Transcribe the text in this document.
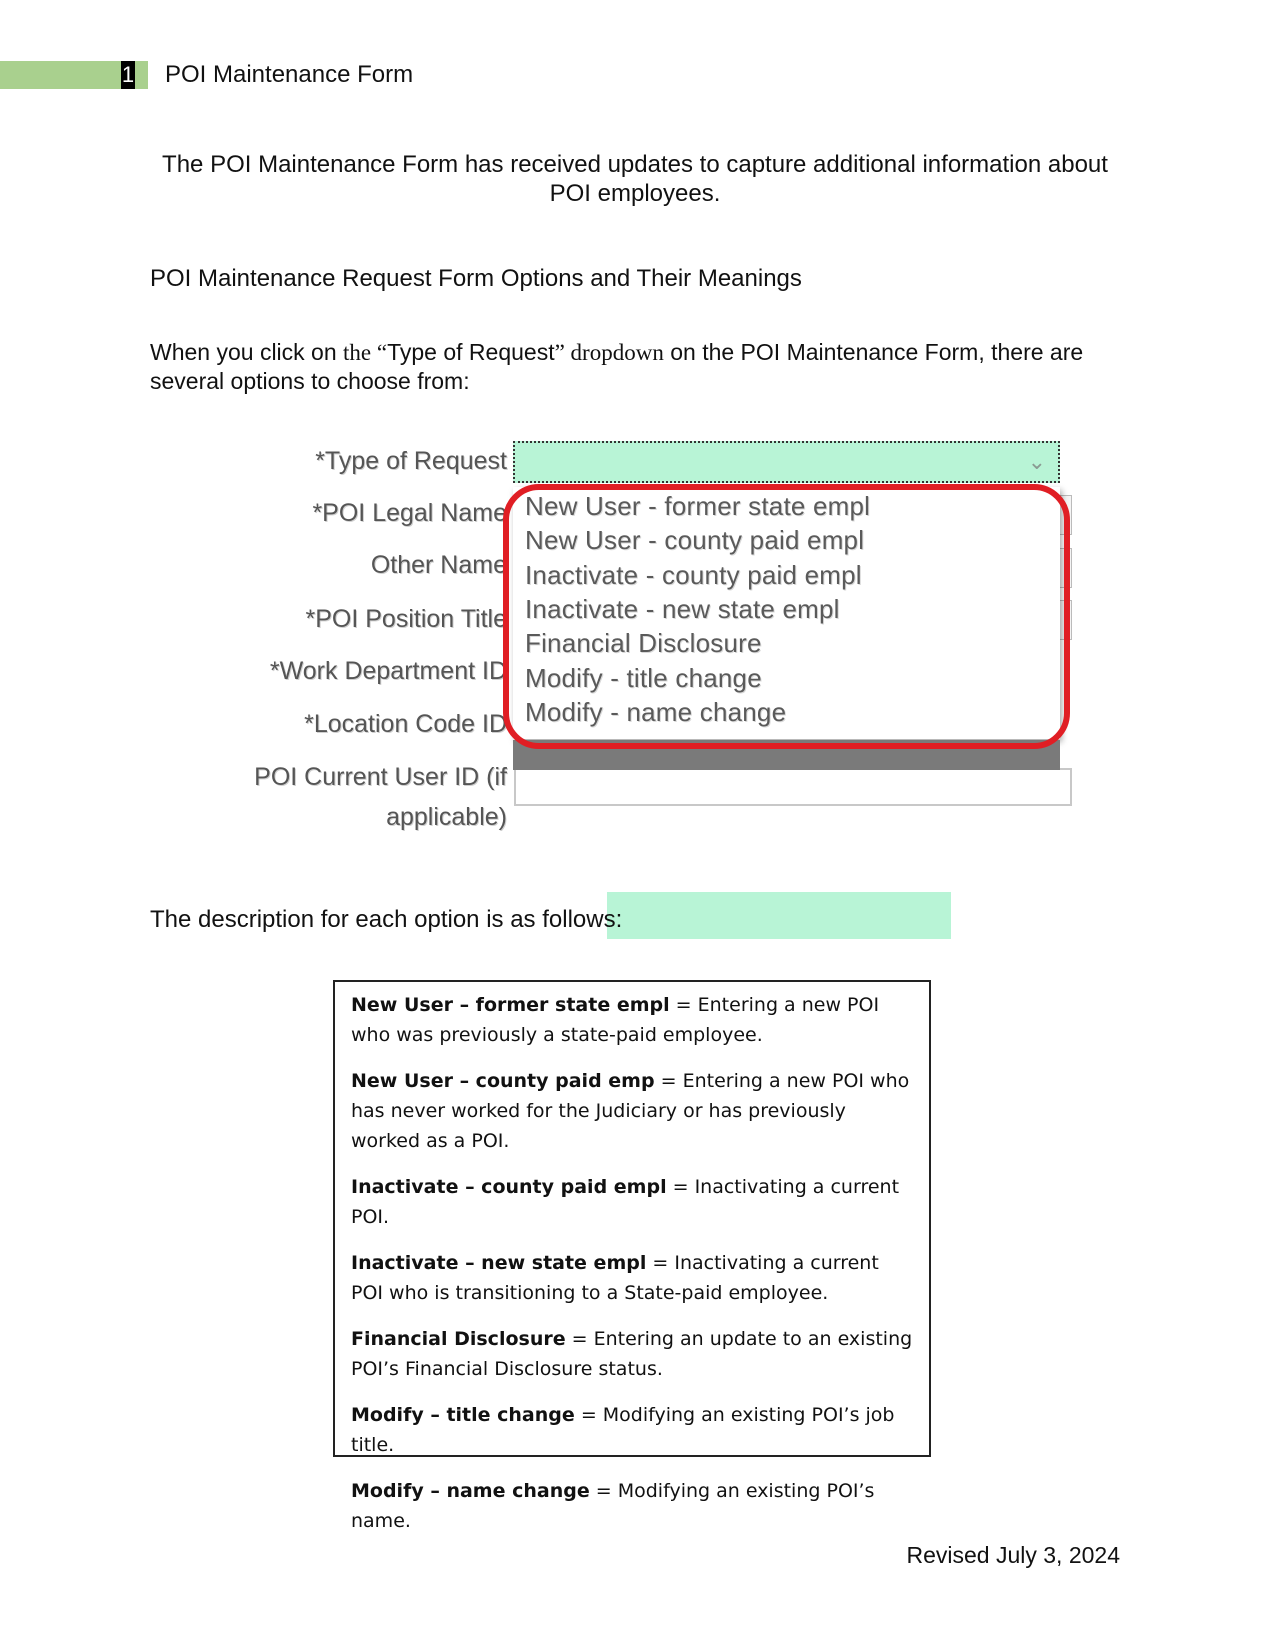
1 POI Maintenance Form
The POI Maintenance Form has received updates to capture additional information about POI employees.
POI Maintenance Request Form Options and Their Meanings
When you click on the “Type of Request” dropdown on the POI Maintenance Form, there are several options to choose from:
*Type of Request
*POI Legal Name
Other Name
*POI Position Title
*Work Department ID
*Location Code ID
POI Current User ID (if
applicable)
⌄
New User - former state empl
New User - county paid empl
Inactivate - county paid empl
Inactivate - new state empl
Financial Disclosure
Modify - title change
Modify - name change
The description for each option is as follows:

New User – former state empl = Entering a new POI who was previously a state-paid employee.

New User – county paid emp = Entering a new POI who has never worked for the Judiciary or has previously worked as a POI.

Inactivate – county paid empl = Inactivating a current POI.

Inactivate – new state empl = Inactivating a current POI who is transitioning to a State-paid employee.

Financial Disclosure = Entering an update to an existing POI’s Financial Disclosure status.

Modify – title change = Modifying an existing POI’s job title.

Modify – name change = Modifying an existing POI’s name.

Revised July 3, 2024
